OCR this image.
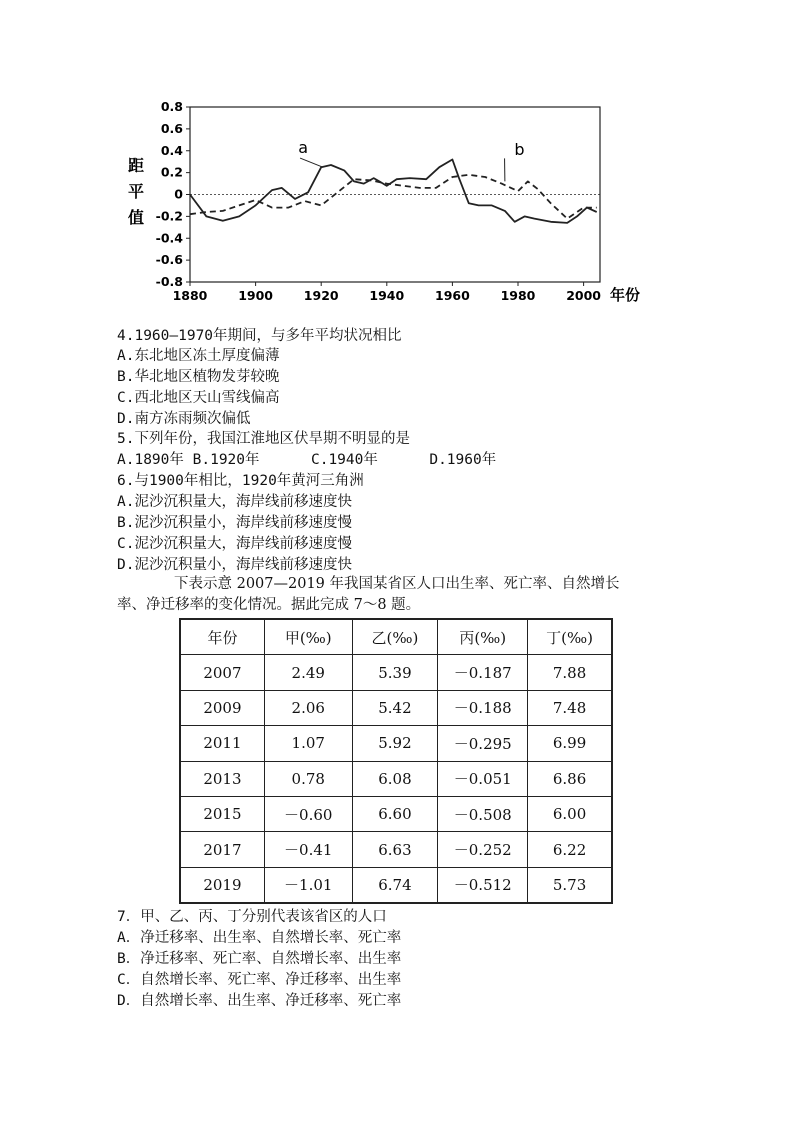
0.8
0.6
0.4
0.2
0
-0.2
-0.4
-0.6
-0.8
1880 1900 1920 1940 1960 1980 2000
a	b
距
平
值
年份
4.1960—1970年期间，与多年平均状况相比
A.东北地区冻土厚度偏薄
B.华北地区植物发芽较晚
C.西北地区天山雪线偏高
D.南方冻雨频次偏低
5.下列年份，我国江淮地区伏旱期不明显的是
A.1890年 B.1920年	C.1940年	D.1960年
6.与1900年相比，1920年黄河三角洲
A.泥沙沉积量大，海岸线前移速度快
B.泥沙沉积量小，海岸线前移速度慢
C.泥沙沉积量大，海岸线前移速度慢
D.泥沙沉积量小，海岸线前移速度快
下表示意 2007—2019 年我国某省区人口出生率、死亡率、自然增长
率、净迁移率的变化情况。据此完成 7～8 题。
年份	甲(‰)	乙(‰)	丙(‰)	丁(‰)
2007	2.49	5.39	－0.187	7.88
2009	2.06	5.42	－0.188	7.48
2011	1.07	5.92	－0.295	6.99
2013	0.78	6.08	－0.051	6.86
2015	－0.60	6.60	－0.508	6.00
2017	－0.41	6.63	－0.252	6.22
2019	－1.01	6.74	－0.512	5.73
7．甲、乙、丙、丁分别代表该省区的人口
A．净迁移率、出生率、自然增长率、死亡率
B．净迁移率、死亡率、自然增长率、出生率
C．自然增长率、死亡率、净迁移率、出生率
D．自然增长率、出生率、净迁移率、死亡率
